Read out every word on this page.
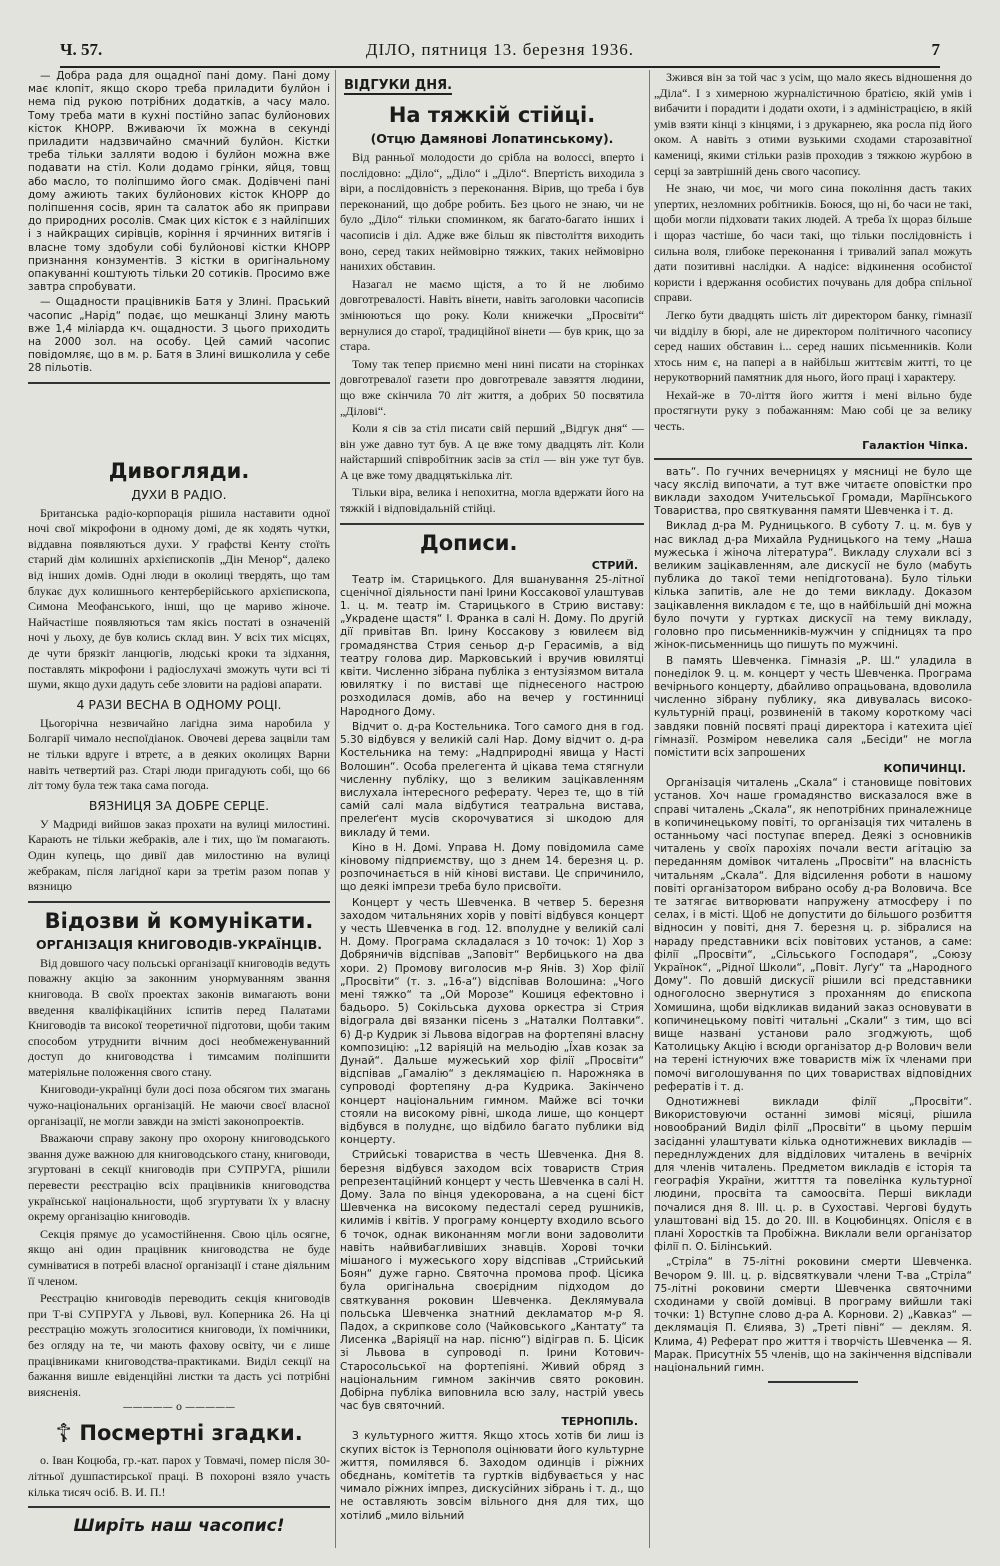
Ч. 57.	ДІЛО, пятниця 13. березня 1936.	7

— Добра рада для ощадної пані дому. Пані дому має клопіт, якщо скоро треба приладити булйон і нема під рукою потрібних додатків, а часу мало. Тому треба мати в кухні постійно запас булйонових кісток КНОРР. Вживаючи їх можна в секунді приладити надзвичайно смачний булйон. Кістки треба тільки залляти водою і булйон можна вже подавати на стіл. Коли додамо грінки, яйця, товщ або масло, то поліпшимо його смак. Додівчені пані дому ажиють таких булйонових кісток КНОРР до поліпшення сосів, ярин та салаток або як приправи до природних росолів. Смак цих кісток є з найліпших і з найкращих сирівців, коріння і ярчинних витягів і власне тому здобули собі булйонові кістки КНОРР признання конзументів. З кістки в оригінальному опакуванні коштують тільки 20 сотиків. Просимо вже завтра спробувати.

— Ощадности працівників Батя у Злині. Праський часопис „Нарід“ подає, що мешканці Злину мають вже 1,4 міліарда кч. ощадности. З цього приходить на 2000 зол. на особу. Цей самий часопис повідомляє, що в м. р. Батя в Злині вишколила у себе 28 пільотів.

Дивогляди.
ДУХИ В РАДІО.

Британська радіо-корпорація рішила наставити одної ночі свої мікрофони в одному домі, де як ходять чутки, віддавна появляються духи. У графстві Кенту стоїть старий дім колишніх архієпископів „Дін Менор“, далеко від інших домів. Одні люди в околиці твердять, що там блукає дух колишнього кентерберійського архієпископа, Симона Меофанського, інші, що це мариво жіноче. Найчастіше появляються там якісь постаті в означеній ночі у льоху, де був колись склад вин. У всіх тих місцях, де чути брязкіт ланцюгів, людські кроки та зідхання, поставлять мікрофони і радіослухачі зможуть чути всі ті шуми, якщо духи дадуть себе зловити на радіові апарати.

4 РАЗИ ВЕСНА В ОДНОМУ РОЦІ.

Цьогорічна незвичайно лагідна зима наробила у Болгарії чимало неспоїдіанок. Овочеві дерева зацвіли там не тільки вдруге і втретє, а в деяких околицях Варни навіть четвертий раз. Старі люди пригадують собі, що 66 літ тому була теж така сама погода.

ВЯЗНИЦЯ ЗА ДОБРЕ СЕРЦЕ.

У Мадриді вийшов заказ прохати на вулиці милостині. Карають не тільки жебраків, але і тих, що їм помагають. Один купець, що дивії дав милостиню на вулиці жебракам, після лагідної кари за третім разом попав у вязницю

Відозви й комунікати.
ОРГАНІЗАЦІЯ КНИГОВОДІВ-УКРАЇНЦІВ.

Від довшого часу польські організації книговодів ведуть поважну акцію за законним унормуванням звання книговода. В своїх проектах законів вимагають вони введення кваліфікаційних іспитів перед Палатами Книговодів та високої теоретичної підготови, щоби таким способом утруднити вічним досі необмеженуванний доступ до книговодства і тимсамим поліпшити матеріяльне положення свого стану.

Книговоди-українці були досі поза обсягом тих змагань чужо-національних організацій. Не маючи своєї власної організації, не могли завжди на змісті законопроектів.

Вважаючи справу закону про охорону книговодського звання дуже важною для книговодського стану, книговоди, згуртовані в секції книговодів при СУПРУГА, рішили перевести реєстрацію всіх працівників книговодства української національности, щоб згуртувати їх у власну окрему організацію книговодів.

Секція прямує до усамостійнення. Свою ціль осягне, якщо ані один працівник книговодства не буде сумніватися в потребі власної організації і стане діяльним її членом.

Реєстрацію книговодів переводить секція книговодів при Т-ві СУПРУГА у Львові, вул. Коперника 26. На ці реєстрацію можуть зголоситися книговоди, їх помічники, без огляду на те, чи мають фахову освіту, чи є лише працівниками книговодства-практиками. Видiл секції на бажання вишле евіденційні листки та дасть усі потрібні виясненія.

————— o —————
☦ Посмертні згадки.

о. Іван Коцюба, гр.-кат. парох у Товмачі, помер після 30-літньої душпастирської праці. В похороні взяло участь кілька тисяч осіб. В. И. П.!

Ширіть наш часопис!
ВІДГУКИ ДНЯ.
На тяжкій стійці.
(Отцю Дамянові Лопатинському).

Від ранньої молодости до срібла на волоссі, вперто і послідовно: „Діло“, „Діло“ і „Діло“. Впертість виходила з віри, а послідовність з переконання. Вірив, що треба і був переконаний, що добре робить. Без цього не знаю, чи не було „Діло“ тільки споминком, як багато-багато інших і часописів і діл. Адже вже більш як півстоліття виходить воно, серед таких неймовірно тяжких, таких неймовірно нанихих обставин.

Назагал не маємо щістя, а то й не любимо довготревалості. Навіть вінети, навіть заголовки часописів змінюються що року. Коли книжечки „Просвіти“ вернулися до старої, традиційної вінети — був крик, що за стара.

Тому так тепер приємно мені нині писати на сторінках довготревалої газети про довготревале завзяття людини, що вже скінчила 70 літ життя, а добрих 50 посвятила „Ділові“.

Коли я сів за стіл писати свій перший „Відгук дня“ — він уже давно тут був. А це вже тому двадцять літ. Коли найстарший співробітник засів за стіл — він уже тут був. А це вже тому двадцятькілька літ.

Тільки віра, велика і непохитна, могла вдержати його на тяжкій і відповідальній стійці.

Дописи.
СТРИЙ.

Театр ім. Старицького. Для вшанування 25-літної сценічної діяльности пані Ірини Коссакової улаштував 1. ц. м. театр ім. Старицького в Стрию виставу: „Украдене щастя“ І. Франка в салі Н. Дому. По другій дії привітав Вп. Ірину Коссакову з ювилеєм від громадянства Стрия сеньор д-р Герасимів, а від театру голова дир. Марковський і вручив ювилятці квіти. Численно зібрана публіка з ентузіязмом витала ювилятку і по виставі ще піднесеного настрою розходилася домів, або на вечер у гостинниці Народного Дому.

Відчит о. д-ра Костельника. Того самого дня в год. 5.30 відбувся у великій салі Нар. Дому відчит о. д-ра Костельника на тему: „Надприродні явища у Насті Волошин“. Особа прелегента й цікава тема стягнули численну публіку, що з великим зацікавленням вислухала інтересного реферату. Через те, що в тій самій салі мала відбутися театральна вистава, прелеґент мусів скорочуватися зі шкодою для викладу й теми.

Кіно в Н. Домі. Управа Н. Дому повідомила саме кіновому підприємству, що з днем 14. березня ц. р. розпочинається в ній кінові вистави. Це спричинило, що деякі імпрези треба було присвоїти.

Концерт у честь Шевченка. В четвер 5. березня заходом читальняних хорів у повіті відбувся концерт у честь Шевченка в год. 12. вполудне у великій салі Н. Дому. Програма складалася з 10 точок: 1) Хор з Добряничів відспівав „Заповіт“ Вербицького на два хори. 2) Промову виголосив м-р Янів. 3) Хор філії „Просвіти“ (т. з. „16-а“) відспівав Волошина: „Чого мені тяжко“ та „Ой Морозе“ Кошиця ефектовно і бадьоро. 5) Сокільська духова оркестра зі Стрия відограла дві вязанки пісень з „Наталки Полтавки“. 6) Д-р Кудрик зі Львова відограв на фортепяні власну композицію: „12 варіяцій на мельодію „Їхав козак за Дунай“. Дальше мужеський хор філії „Просвіти“ відспівав „Гамалію“ з деклямацією п. Нарожняка в супроводі фортепяну д-ра Кудрика. Закінчено концерт національним гимном. Майже всі точки стояли на високому рівні, шкода лише, що концерт відбувся в полуднє, що відбило багато публики від концерту.

Стрийські товариства в честь Шевченка. Дня 8. березня відбувся заходом всіх товариств Стрия репрезентаційний концерт у честь Шевченка в салі Н. Дому. Зала по вінця удекорована, а на сцені біст Шевченка на високому педесталі серед рушників, килимів і квітів. У програму концерту входило всього 6 точок, однак виконанням могли вони задоволити навіть найвибагливіших знавців. Хорові точки мішаного і мужеського хору відспівав „Стрийський Боян“ дуже гарно. Святочна промова проф. Цісика була оригінальна своєрідним підходом до святкування роковин Шевченка. Деклямувала польська Шевченка знатний декламатор м-р Я. Падох, а скрипкове соло (Чайковського „Кантату“ та Лисенка „Варіяції на нар. пісню“) відіграв п. Б. Цісик зі Львова в супроводі п. Ірини Котович-Старосольської на фортепіяні. Живий обряд з національним гимном закінчив свято роковин. Добірна публіка виповнила всю залу, настрій увесь час був святочний.

ТЕРНОПІЛЬ.

З культурного життя. Якщо хтось хотів би лиш із скупих вісток із Тернополя оцінювати його культурне життя, помилявся б. Заходом одинців і ріжних обєднань, комітетів та гуртків відбувається у нас чимало ріжних імпрез, дискусійних зібрань і т. д., що не оставляють зовсім вільного дня для тих, що хотілиб „мило вільний

Зжився він за той час з усім, що мало якесь відношення до „Діла“. І з химерною журналістичною братією, якій умів і вибачити і порадити і додати охоти, і з адміністрацією, в якій умів взяти кінці з кінцями, і з друкарнею, яка росла під його оком. А навіть з отими вузькими сходами старозавітної камениці, якими стільки разів проходив з тяжкою журбою в серці за завтрішній день свого часопису.

Не знаю, чи моє, чи мого сина покоління дасть таких упертих, незломних робітників. Боюся, що ні, бо часи не такі, щоби могли підховати таких людей. А треба їх щораз більше і щораз частіше, бо часи такі, що тільки послідовність і сильна воля, глибоке переконання і тривалий запал можуть дати позитивні наслідки. А надісе: відкинення особистої користи і вдержання особистих почувань для добра спільної справи.

Легко бути двадцять шість літ директором банку, гімназії чи відділу в бюрі, але не директором політичного часопису серед наших обставин і... серед наших пісьменників. Коли хтось ним є, на папері а в найбільш життєвім житті, то це нерукотворний памятник для нього, його праці і характеру.

Нехай-же в 70-ліття його життя і мені вільно буде простягнути руку з побажанням: Маю собі це за велику честь.

Галактіон Чіпка.

вать“. По гучних вечерницях у мясниці не було ще часу якслід випочати, а тут вже читаєте оповістки про виклади заходом Учительської Громади, Маріїнського Товариства, про святкування памяти Шевченка і т. д.

Виклад д-ра М. Рудницького. В суботу 7. ц. м. був у нас виклад д-ра Михайла Рудницького на тему „Наша мужеська і жіноча література“. Викладу слухали всі з великим зацікавленням, але дискусії не було (мабуть публика до такої теми непідготована). Було тільки кілька запитів, але не до теми викладу. Доказом зацікавлення викладом є те, що в найбільшій дні можна було почути у гуртках дискусії на тему викладу, головно про письменників-мужчин у спідницях та про жінок-письменниць що пишуть по мужчині.

В память Шевченка. Гімназія „Р. Ш.“ уладила в понеділок 9. ц. м. концерт у честь Шевченка. Програма вечірнього концерту, дбайливо опрацьована, вдоволила численно зібрану публику, яка дивувалась високо-культурній праці, розвиненій в такому короткому часі завдяки повній посвяті праці директора і катехита цієї гімназії. Розміром невелика саля „Бесіди“ не могла помістити всіх запрошених

КОПИЧИНЦІ.

Організація читалень „Скала“ і становище повітових установ. Хоч наше громадянство висказалося вже в справі читалень „Скала“, як непотрібних приналежнице в копичинецькому повіті, то організація тих читалень в останньому часі поступає вперед. Деякі з основників читалень у своїх парохіях почали вести агітацію за переданням домівок читалень „Просвіти“ на власність читальням „Скала“. Для відсилення роботи в нашому повіті організатором вибрано особу д-ра Воловича. Все те затягає витворювати напружену атмосферу і по селах, і в місті. Щоб не допустити до більшого розбиття відносин у повіті, дня 7. березня ц. р. зібралися на нараду представники всіх повітових установ, а саме: філії „Просвіти“, „Сільського Господаря“, „Союзу Українок“, „Рідної Школи“, „Повіт. Луґу“ та „Народного Дому“. По довшій дискусії рішили всі представники одноголосно звернутися з проханням до єпископа Хомишина, щоби відкликав виданий заказ основувати в копичинецькому повіті читальні „Скали“ з тим, що всі вище названі установи рало згоджують, щоб Католицьку Акцію і всюди організатор д-р Волович вели на терені істнуючих вже товариств між їх членами при помочі виголошування по цих товариствах відповідних рефератів і т. д.

Однотижневі виклади філії „Просвіти“. Використовуючи останні зимові місяці, рішила новообраний Видiл філії „Просвіти“ в цьому першім засіданні улаштувати кілька однотижневих викладів — переднлуждених для відділових читалень в вечірніх для членів читалень. Предметом викладів є історія та географія України, житття та повелінка культурної людини, просвіта та самоосвіта. Перші виклади почалися дня 8. ІІІ. ц. р. в Сухоставі. Чергові будуть улаштовані від 15. до 20. ІІІ. в Коцюбинцях. Опісля є в плані Хоростків та Пробіжна. Виклали вели організатор філії п. О. Білінський.

„Стріла“ в 75-літні роковини смерти Шевченка. Вечором 9. ІІІ. ц. р. відсвяткували члени Т-ва „Стріла“ 75-літні роковини смерти Шевченка святочними сходинами у своїй домівці. В програму вийшли такі точки: 1) Вступне слово д-ра А. Корнови. 2) „Кавказ“ — деклямація П. Єлиява, 3) „Треті півні“ — деклям. Я. Клима, 4) Реферат про життя і творчість Шевченка — Я. Марак. Присутніх 55 членів, що на закінчення відспівали національний гимн.
